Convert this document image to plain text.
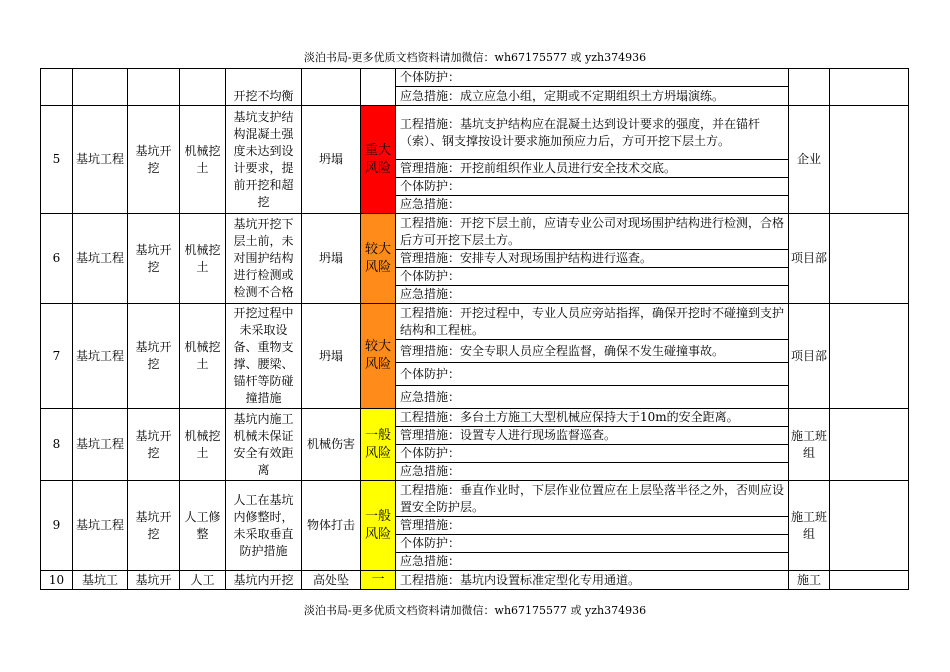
淡泊书局-更多优质文档资料请加微信：wh67175577 或 yzh374936
				开挖不均衡			个体防护：		
							应急措施：成立应急小组，定期或不定期组织土方坍塌演练。		
5	基坑工程	基坑开挖	机械挖土	基坑支护结构混凝土强度未达到设计要求，提前开挖和超挖	坍塌	重大风险	工程措施：基坑支护结构应在混凝土达到设计要求的强度，并在锚杆（索）、钢支撑按设计要求施加预应力后，方可开挖下层土方。	企业	
							管理措施：开挖前组织作业人员进行安全技术交底。		
							个体防护：		
							应急措施：		
6	基坑工程	基坑开挖	机械挖土	基坑开挖下层土前，未对围护结构进行检测或检测不合格	坍塌	较大风险	工程措施：开挖下层土前，应请专业公司对现场围护结构进行检测，合格后方可开挖下层土方。	项目部	
							管理措施：安排专人对现场围护结构进行巡查。		
							个体防护：		
							应急措施：		
7	基坑工程	基坑开挖	机械挖土	开挖过程中未采取设备、重物支撑、腰梁、锚杆等防碰撞措施	坍塌	较大风险	工程措施：开挖过程中，专业人员应旁站指挥，确保开挖时不碰撞到支护结构和工程桩。	项目部	
							管理措施：安全专职人员应全程监督，确保不发生碰撞事故。		
							个体防护：		
							应急措施：		
8	基坑工程	基坑开挖	机械挖土	基坑内施工机械未保证安全有效距离	机械伤害	一般风险	工程措施：多台土方施工大型机械应保持大于10m的安全距离。	施工班组	
							管理措施：设置专人进行现场监督巡查。		
							个体防护：		
							应急措施：		
9	基坑工程	基坑开挖	人工修整	人工在基坑内修整时，未采取垂直防护措施	物体打击	一般风险	工程措施：垂直作业时，下层作业位置应在上层坠落半径之外，否则应设置安全防护层。	施工班组	
							管理措施：		
							个体防护：		
							应急措施：		
10	基坑工	基坑开	人工	基坑内开挖	高处坠	一	工程措施：基坑内设置标准定型化专用通道。	施工	
淡泊书局-更多优质文档资料请加微信：wh67175577 或 yzh374936
